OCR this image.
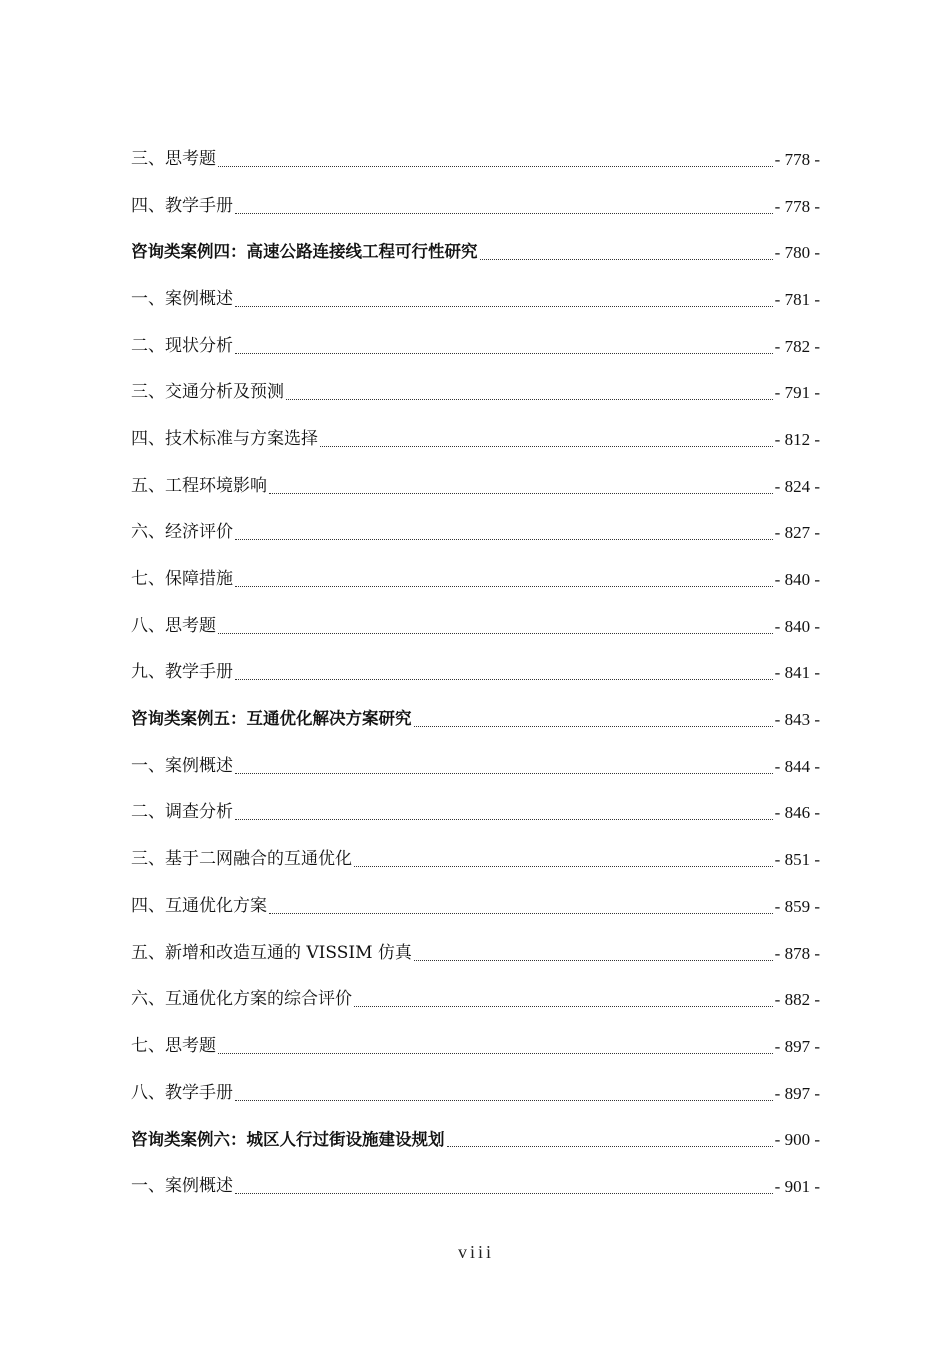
三、思考题	- 778 -
四、教学手册	- 778 -
咨询类案例四：高速公路连接线工程可行性研究	- 780 -
一、案例概述	- 781 -
二、现状分析	- 782 -
三、交通分析及预测	- 791 -
四、技术标准与方案选择	- 812 -
五、工程环境影响	- 824 -
六、经济评价	- 827 -
七、保障措施	- 840 -
八、思考题	- 840 -
九、教学手册	- 841 -
咨询类案例五：互通优化解决方案研究	- 843 -
一、案例概述	- 844 -
二、调查分析	- 846 -
三、基于二网融合的互通优化	- 851 -
四、互通优化方案	- 859 -
五、新增和改造互通的 VISSIM 仿真	- 878 -
六、互通优化方案的综合评价	- 882 -
七、思考题	- 897 -
八、教学手册	- 897 -
咨询类案例六：城区人行过街设施建设规划	- 900 -
一、案例概述	- 901 -
viii
